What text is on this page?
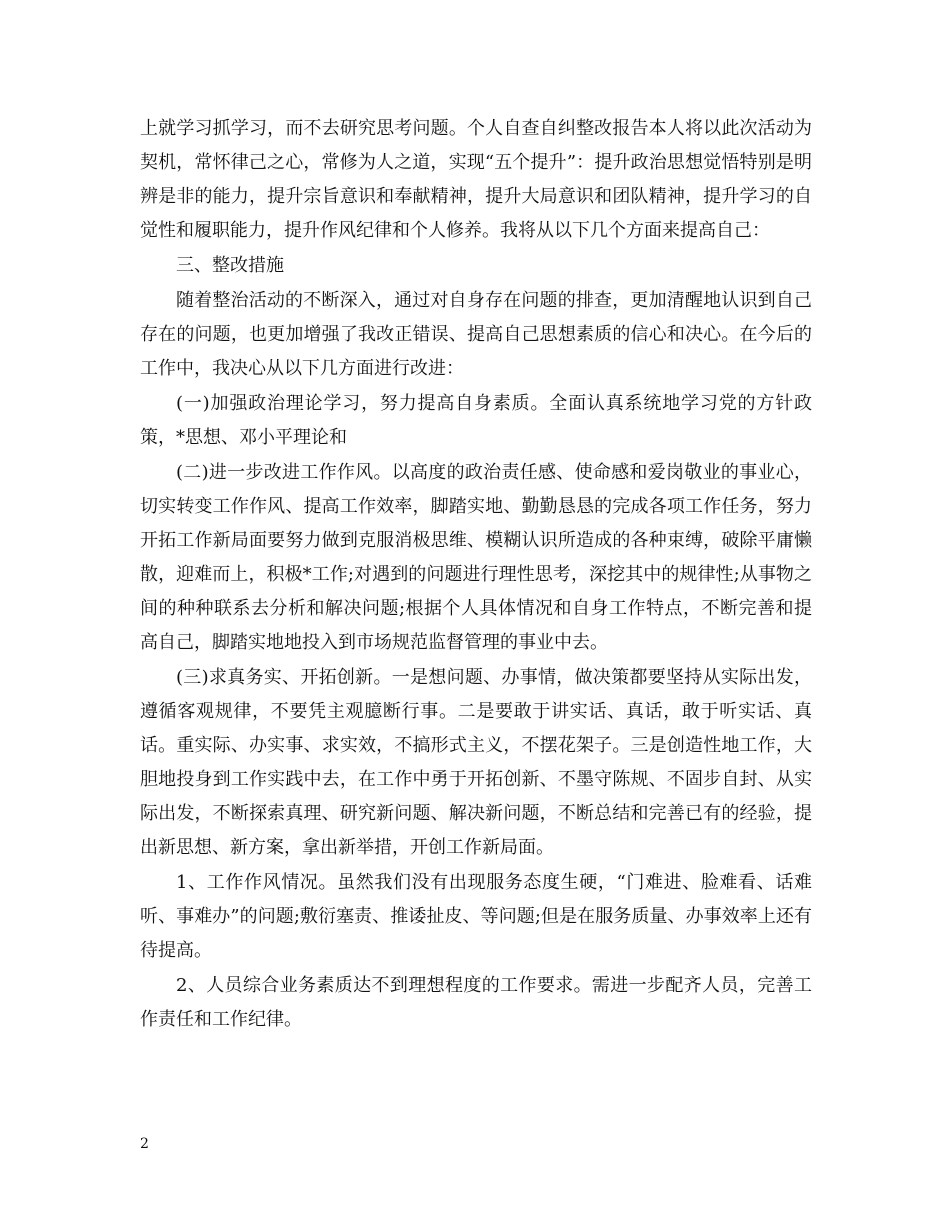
上就学习抓学习，而不去研究思考问题。个人自查自纠整改报告本人将以此次活动为契机，常怀律己之心，常修为人之道，实现“五个提升”：提升政治思想觉悟特别是明辨是非的能力，提升宗旨意识和奉献精神，提升大局意识和团队精神，提升学习的自觉性和履职能力，提升作风纪律和个人修养。我将从以下几个方面来提高自己：

三、整改措施

随着整治活动的不断深入，通过对自身存在问题的排查，更加清醒地认识到自己存在的问题，也更加增强了我改正错误、提高自己思想素质的信心和决心。在今后的工作中，我决心从以下几方面进行改进：

(一)加强政治理论学习，努力提高自身素质。全面认真系统地学习党的方针政策，*思想、邓小平理论和

(二)进一步改进工作作风。以高度的政治责任感、使命感和爱岗敬业的事业心，切实转变工作作风、提高工作效率，脚踏实地、勤勤恳恳的完成各项工作任务，努力开拓工作新局面要努力做到克服消极思维、模糊认识所造成的各种束缚，破除平庸懒散，迎难而上，积极*工作;对遇到的问题进行理性思考，深挖其中的规律性;从事物之间的种种联系去分析和解决问题;根据个人具体情况和自身工作特点，不断完善和提高自己，脚踏实地地投入到市场规范监督管理的事业中去。

(三)求真务实、开拓创新。一是想问题、办事情，做决策都要坚持从实际出发，遵循客观规律，不要凭主观臆断行事。二是要敢于讲实话、真话，敢于听实话、真话。重实际、办实事、求实效，不搞形式主义，不摆花架子。三是创造性地工作，大胆地投身到工作实践中去，在工作中勇于开拓创新、不墨守陈规、不固步自封、从实际出发，不断探索真理、研究新问题、解决新问题，不断总结和完善已有的经验，提出新思想、新方案，拿出新举措，开创工作新局面。

1、工作作风情况。虽然我们没有出现服务态度生硬，“门难进、脸难看、话难听、事难办”的问题;敷衍塞责、推诿扯皮、等问题;但是在服务质量、办事效率上还有待提高。

2、人员综合业务素质达不到理想程度的工作要求。需进一步配齐人员，完善工作责任和工作纪律。

2
